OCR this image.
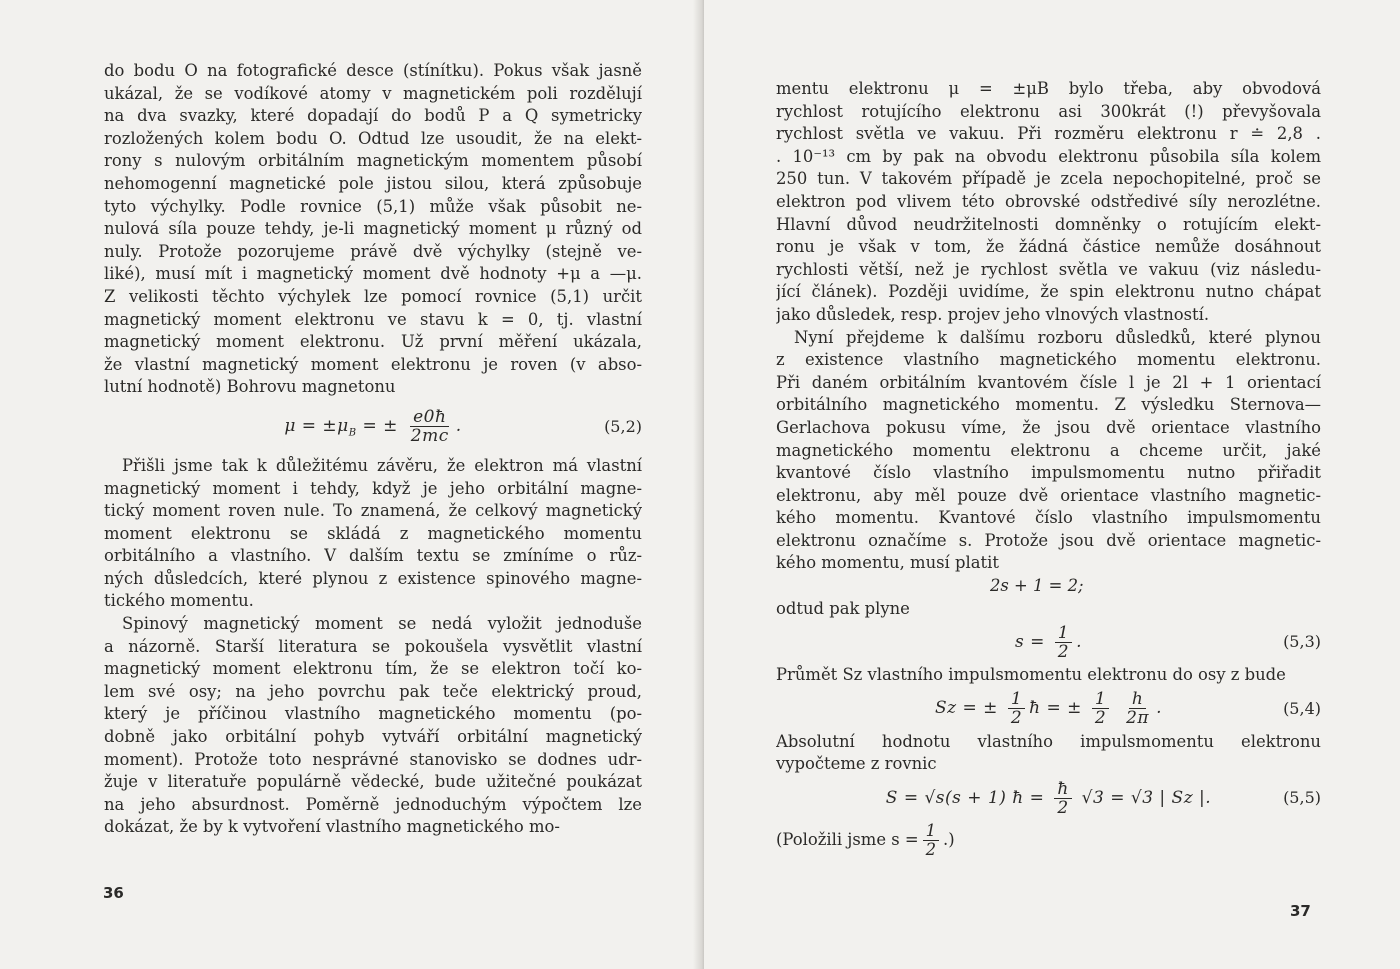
do bodu O na fotografické desce (stínítku). Pokus však jasně
ukázal, že se vodíkové atomy v magnetickém poli rozdělují
na dva svazky, které dopadají do bodů P a Q symetricky
rozložených kolem bodu O. Odtud lze usoudit, že na elekt-
rony s nulovým orbitálním magnetickým momentem působí
nehomogenní magnetické pole jistou silou, která způsobuje
tyto výchylky. Podle rovnice (5,1) může však působit ne-
nulová síla pouze tehdy, je-li magnetický moment μ různý od
nuly. Protože pozorujeme právě dvě výchylky (stejně ve-
liké), musí mít i magnetický moment dvě hodnoty +μ a —μ.
Z velikosti těchto výchylek lze pomocí rovnice (5,1) určit
magnetický moment elektronu ve stavu k = 0, tj. vlastní
magnetický moment elektronu. Už první měření ukázala,
že vlastní magnetický moment elektronu je roven (v abso-
lutní hodnotě) Bohrovu magnetonu
$\mu = \pm\mu_B$ = ± $\frac{e0ħ}{2mc}$ .	(5,2)
Přišli jsme tak k důležitému závěru, že elektron má vlastní
magnetický moment i tehdy, když je jeho orbitální magne-
tický moment roven nule. To znamená, že celkový magnetický
moment elektronu se skládá z magnetického momentu
orbitálního a vlastního. V dalším textu se zmíníme o růz-
ných důsledcích, které plynou z existence spinového magne-
tického momentu.
Spinový magnetický moment se nedá vyložit jednoduše
a názorně. Starší literatura se pokoušela vysvětlit vlastní
magnetický moment elektronu tím, že se elektron točí ko-
lem své osy; na jeho povrchu pak teče elektrický proud,
který je příčinou vlastního magnetického momentu (po-
dobně jako orbitální pohyb vytváří orbitální magnetický
moment). Protože toto nesprávné stanovisko se dodnes udr-
žuje v literatuře populárně vědecké, bude užitečné poukázat
na jeho absurdnost. Poměrně jednoduchým výpočtem lze
dokázat, že by k vytvoření vlastního magnetického mo-
36
mentu elektronu μ = ±μB bylo třeba, aby obvodová
rychlost rotujícího elektronu asi 300krát (!) převyšovala
rychlost světla ve vakuu. Při rozměru elektronu r ≐ 2,8 .
. 10⁻¹³ cm by pak na obvodu elektronu působila síla kolem
250 tun. V takovém případě je zcela nepochopitelné, proč se
elektron pod vlivem této obrovské odstředivé síly nerozlétne.
Hlavní důvod neudržitelnosti domněnky o rotujícím elekt-
ronu je však v tom, že žádná částice nemůže dosáhnout
rychlosti větší, než je rychlost světla ve vakuu (viz následu-
jící článek). Později uvidíme, že spin elektronu nutno chápat
jako důsledek, resp. projev jeho vlnových vlastností.
Nyní přejdeme k dalšímu rozboru důsledků, které plynou
z existence vlastního magnetického momentu elektronu.
Při daném orbitálním kvantovém čísle l je 2l + 1 orientací
orbitálního magnetického momentu. Z výsledku Sternova—
Gerlachova pokusu víme, že jsou dvě orientace vlastního
magnetického momentu elektronu a chceme určit, jaké
kvantové číslo vlastního impulsmomentu nutno přiřadit
elektronu, aby měl pouze dvě orientace vlastního magnetic-
kého momentu. Kvantové číslo vlastního impulsmomentu
elektronu označíme s. Protože jsou dvě orientace magnetic-
kého momentu, musí platit
2s + 1 = 2;
odtud pak plyne
$s = \frac{1}{2}$ .	(5,3)
Průmět Sz vlastního impulsmomentu elektronu do osy z bude
Sz = ± $\frac{1}{2}$ ħ = ± $\frac{1}{2}$
$\frac{h}{2\pi}$ .	(5,4)
Absolutní hodnotu vlastního impulsmomentu elektronu
vypočteme z rovnic
S = √s(s + 1) ħ = $\frac{ħ}{2} √3 = √3$ | Sz |.	(5,5)
(Položili jsme $s = \frac{1}{2}$ .)
37
